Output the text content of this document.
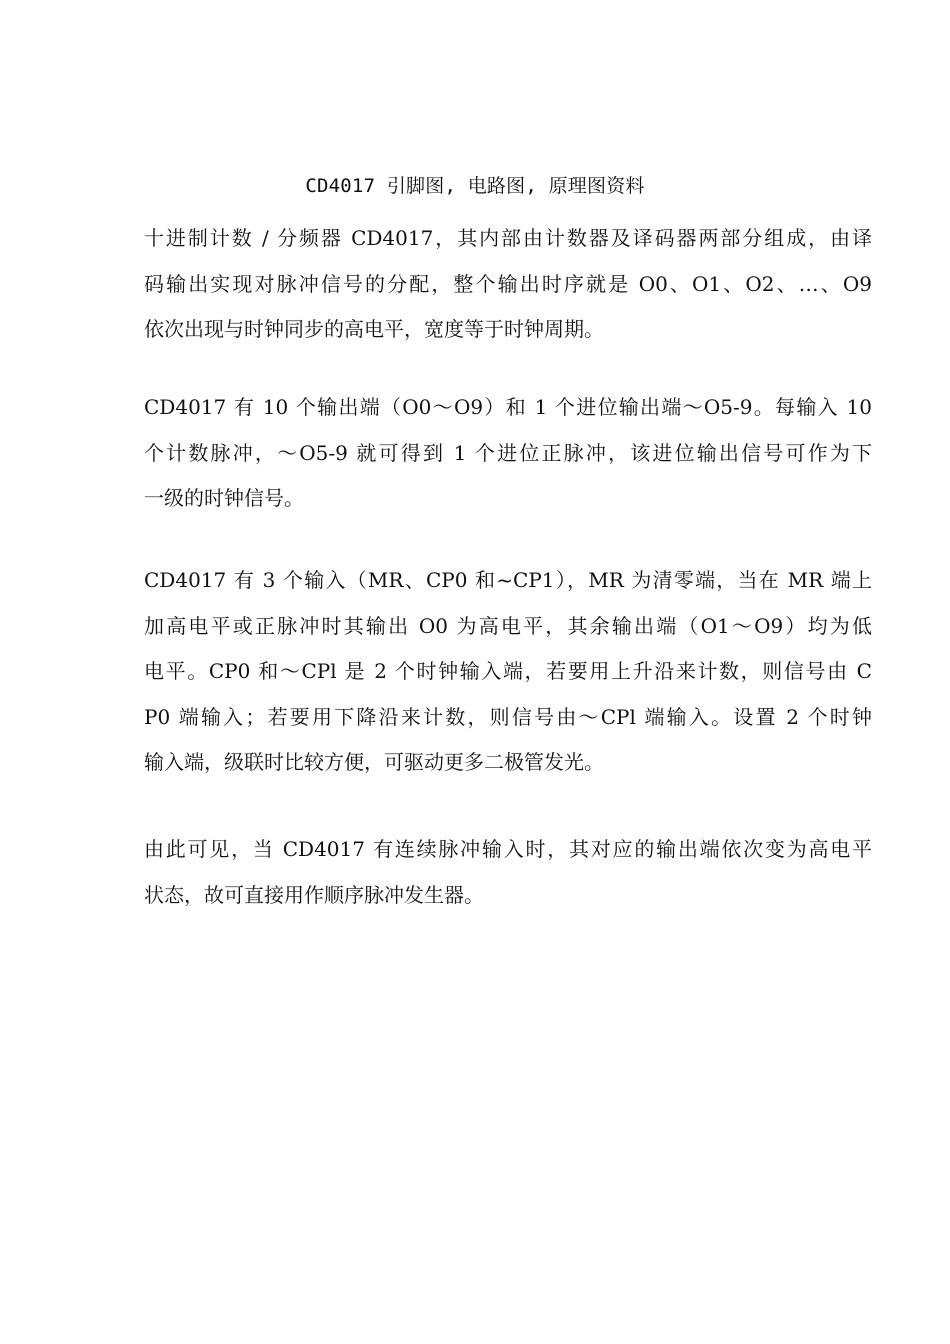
CD4017 引脚图, 电路图, 原理图资料
十进制计数 / 分频器 CD4017，其内部由计数器及译码器两部分组成，由译
码输出实现对脉冲信号的分配，整个输出时序就是 O0、O1、O2、…、O9
依次出现与时钟同步的高电平，宽度等于时钟周期。
CD4017 有 10 个输出端（O0～O9）和 1 个进位输出端～O5-9。每输入 10
个计数脉冲，～O5-9 就可得到 1 个进位正脉冲，该进位输出信号可作为下
一级的时钟信号。
CD4017 有 3 个输入（MR、CP0 和~CP1），MR 为清零端，当在 MR 端上
加高电平或正脉冲时其输出 O0 为高电平，其余输出端（O1～O9）均为低
电平。CP0 和～CPl 是 2 个时钟输入端，若要用上升沿来计数，则信号由 C
P0 端输入；若要用下降沿来计数，则信号由～CPl 端输入。设置 2 个时钟
输入端，级联时比较方便，可驱动更多二极管发光。
由此可见，当 CD4017 有连续脉冲输入时，其对应的输出端依次变为高电平
状态，故可直接用作顺序脉冲发生器。
